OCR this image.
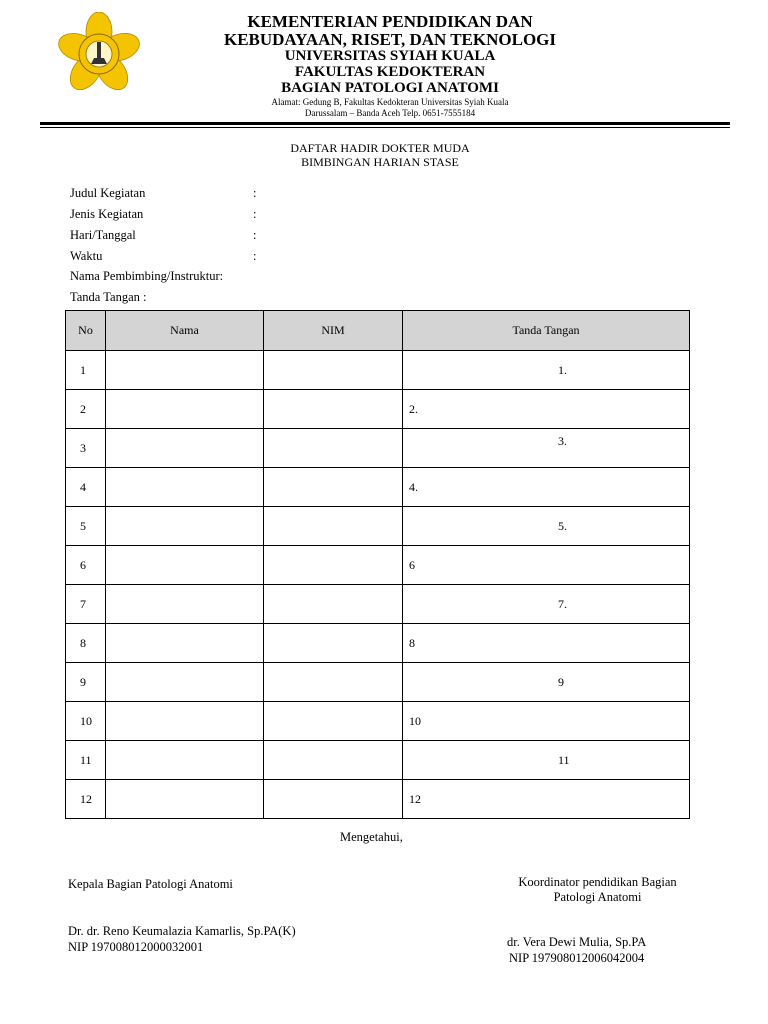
KEMENTERIAN PENDIDIKAN DAN
KEBUDAYAAN, RISET, DAN TEKNOLOGI
UNIVERSITAS SYIAH KUALA
FAKULTAS KEDOKTERAN
BAGIAN PATOLOGI ANATOMI
Alamat: Gedung B, Fakultas Kedokteran Universitas Syiah Kuala
Darussalam – Banda Aceh Telp. 0651-7555184
DAFTAR HADIR DOKTER MUDA
BIMBINGAN HARIAN STASE
Judul Kegiatan	:
Jenis Kegiatan	:
Hari/Tanggal	:
Waktu	:
Nama Pembimbing/Instruktur:
Tanda Tangan :
No	Nama	NIM	Tanda Tangan
1			1.

2			2.

3			3.

4			4.

5			5.

6			6

7			7.

8			8

9			9

10			10

11			11

12			12
Mengetahui,
Kepala Bagian Patologi Anatomi
Dr. dr. Reno Keumalazia Kamarlis, Sp.PA(K)
NIP 197008012000032001
Koordinator pendidikan Bagian
Patologi Anatomi
dr. Vera Dewi Mulia, Sp.PA
NIP 197908012006042004
